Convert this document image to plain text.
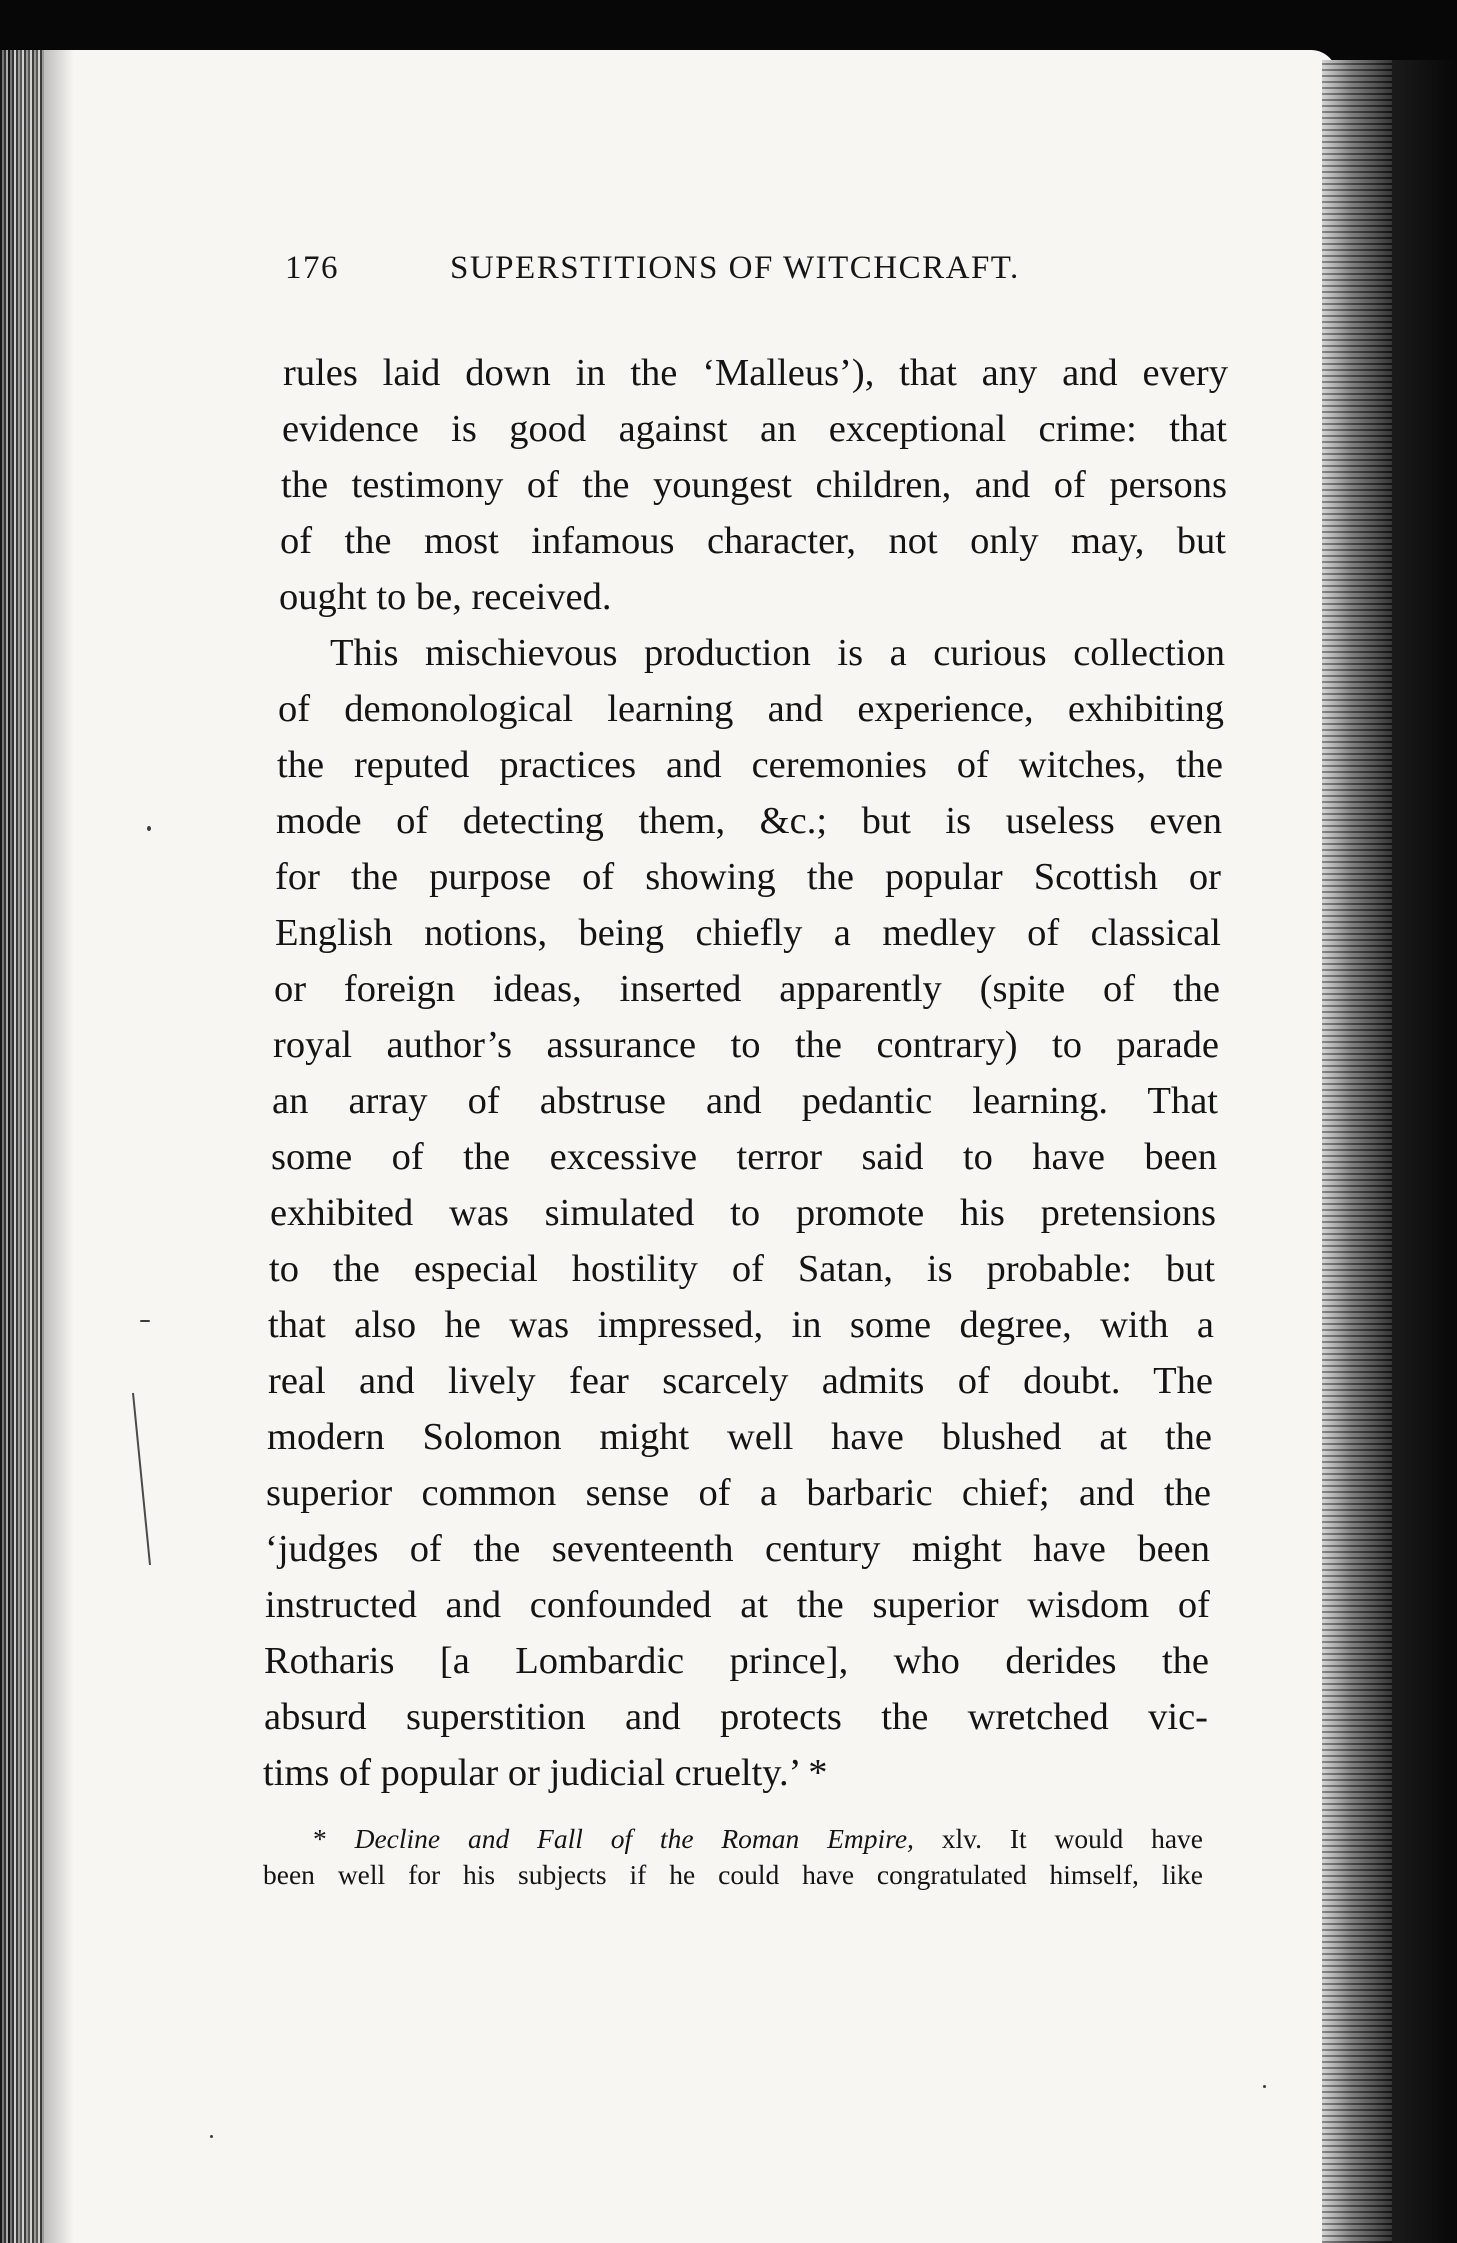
176	SUPERSTITIONS OF WITCHCRAFT.
rules laid down in the ‘Malleus’), that any and every
evidence is good against an exceptional crime: that
the testimony of the youngest children, and of persons
of the most infamous character, not only may, but
ought to be, received.
This mischievous production is a curious collection
of demonological learning and experience, exhibiting
the reputed practices and ceremonies of witches, the
mode of detecting them, &c.; but is useless even
for the purpose of showing the popular Scottish or
English notions, being chiefly a medley of classical
or foreign ideas, inserted apparently (spite of the
royal author’s assurance to the contrary) to parade
an array of abstruse and pedantic learning. That
some of the excessive terror said to have been
exhibited was simulated to promote his pretensions
to the especial hostility of Satan, is probable: but
that also he was impressed, in some degree, with a
real and lively fear scarcely admits of doubt. The
modern Solomon might well have blushed at the
superior common sense of a barbaric chief; and the
‘judges of the seventeenth century might have been
instructed and confounded at the superior wisdom of
Rotharis [a Lombardic prince], who derides the
absurd superstition and protects the wretched vic-
tims of popular or judicial cruelty.’ *
* Decline and Fall of the Roman Empire, xlv. It would have
been well for his subjects if he could have congratulated himself, like
